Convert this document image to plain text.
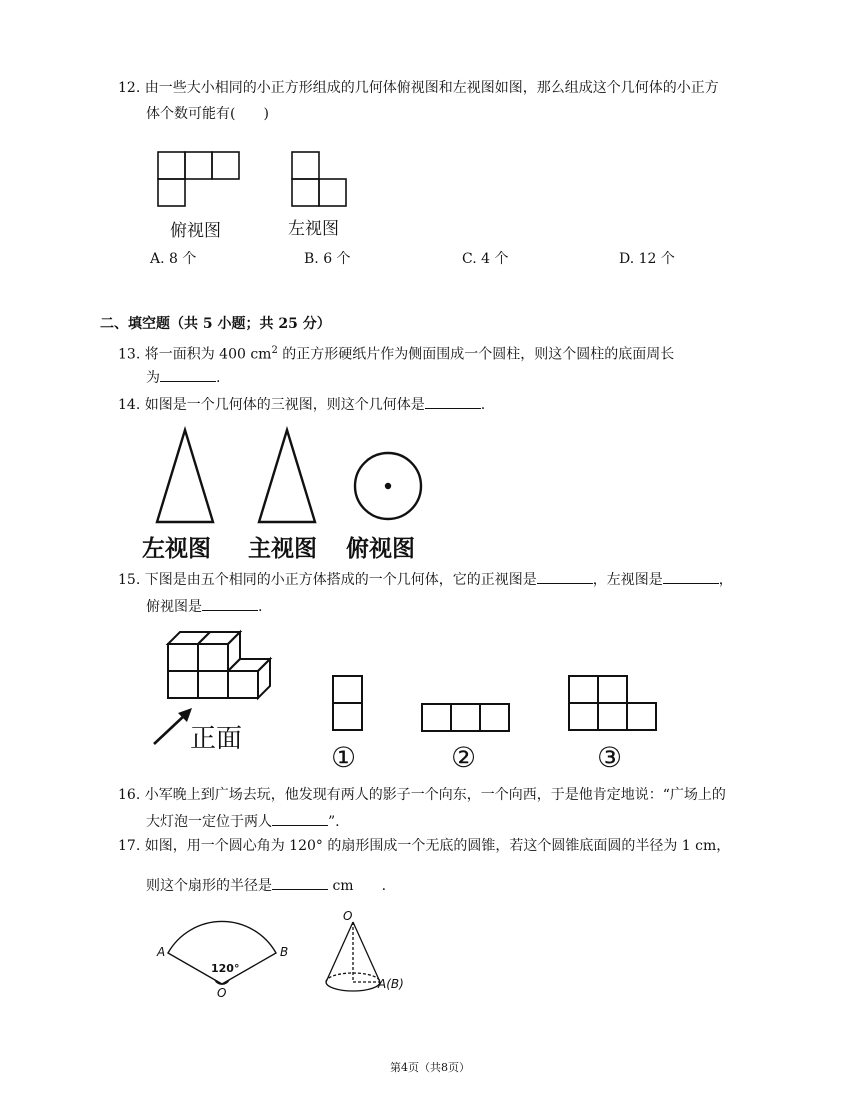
12. 由一些大小相同的小正方形组成的几何体俯视图和左视图如图，那么组成这个几何体的小正方
体个数可能有(　　)
俯视图	左视图
A. 8 个	B. 6 个	C. 4 个	D. 12 个
二、填空题（共 5 小题；共 25 分）
13. 将一面积为 400 $cm^2$ 的正方形硬纸片作为侧面围成一个圆柱，则这个圆柱的底面周长
为	.
14. 如图是一个几何体的三视图，则这个几何体是	.
左视图 主视图 俯视图
15. 下图是由五个相同的小正方体搭成的一个几何体，它的正视图是	，左视图是	，
俯视图是	.
正面
①	②	③
16. 小军晚上到广场去玩，他发现有两人的影子一个向东，一个向西，于是他肯定地说：“广场上的
大灯泡一定位于两人	”.
17. 如图，用一个圆心角为 120° 的扇形围成一个无底的圆锥，若这个圆锥底面圆的半径为 1 cm，
则这个扇形的半径是	cm　　.
A	B
120°
O
O
A(B)
第4页（共8页）
